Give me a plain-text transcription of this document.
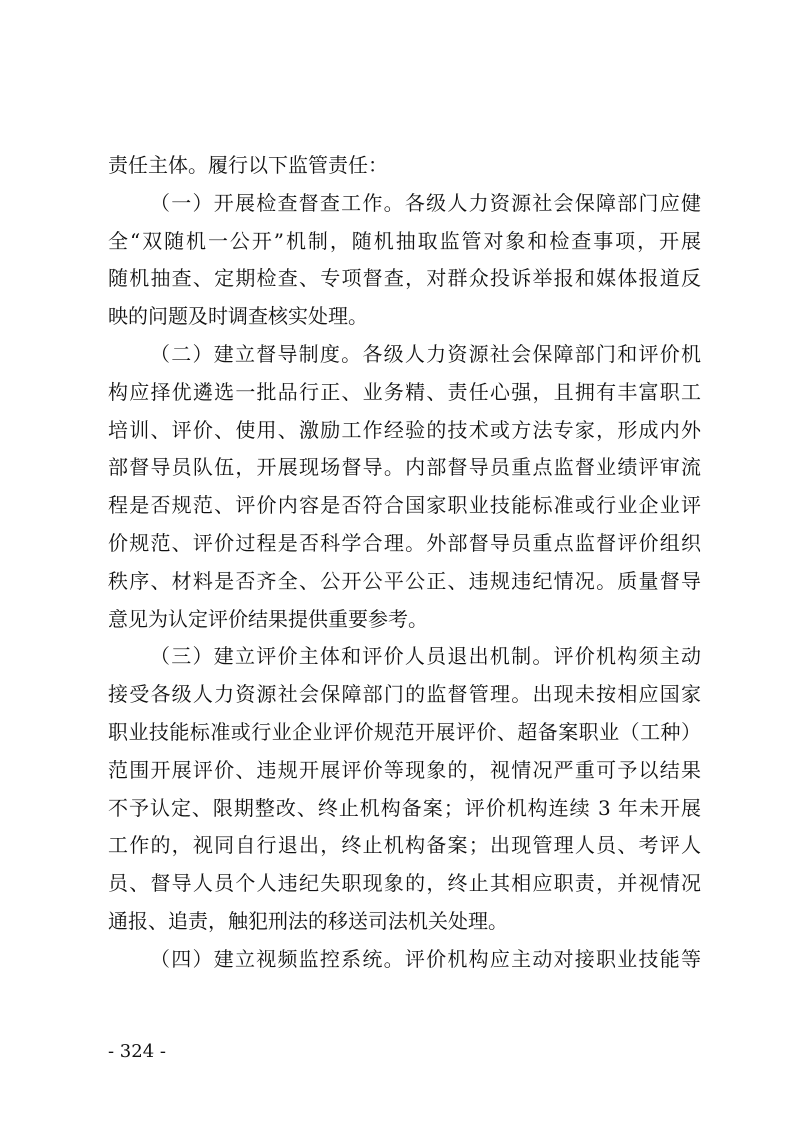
责任主体。履行以下监管责任：
（一）开展检查督查工作。各级人力资源社会保障部门应健
全“双随机一公开”机制，随机抽取监管对象和检查事项，开展
随机抽查、定期检查、专项督查，对群众投诉举报和媒体报道反
映的问题及时调查核实处理。
（二）建立督导制度。各级人力资源社会保障部门和评价机
构应择优遴选一批品行正、业务精、责任心强，且拥有丰富职工
培训、评价、使用、激励工作经验的技术或方法专家，形成内外
部督导员队伍，开展现场督导。内部督导员重点监督业绩评审流
程是否规范、评价内容是否符合国家职业技能标准或行业企业评
价规范、评价过程是否科学合理。外部督导员重点监督评价组织
秩序、材料是否齐全、公开公平公正、违规违纪情况。质量督导
意见为认定评价结果提供重要参考。
（三）建立评价主体和评价人员退出机制。评价机构须主动
接受各级人力资源社会保障部门的监督管理。出现未按相应国家
职业技能标准或行业企业评价规范开展评价、超备案职业（工种）
范围开展评价、违规开展评价等现象的，视情况严重可予以结果
不予认定、限期整改、终止机构备案；评价机构连续 3 年未开展
工作的，视同自行退出，终止机构备案；出现管理人员、考评人
员、督导人员个人违纪失职现象的，终止其相应职责，并视情况
通报、追责，触犯刑法的移送司法机关处理。
（四）建立视频监控系统。评价机构应主动对接职业技能等
- 324 -
